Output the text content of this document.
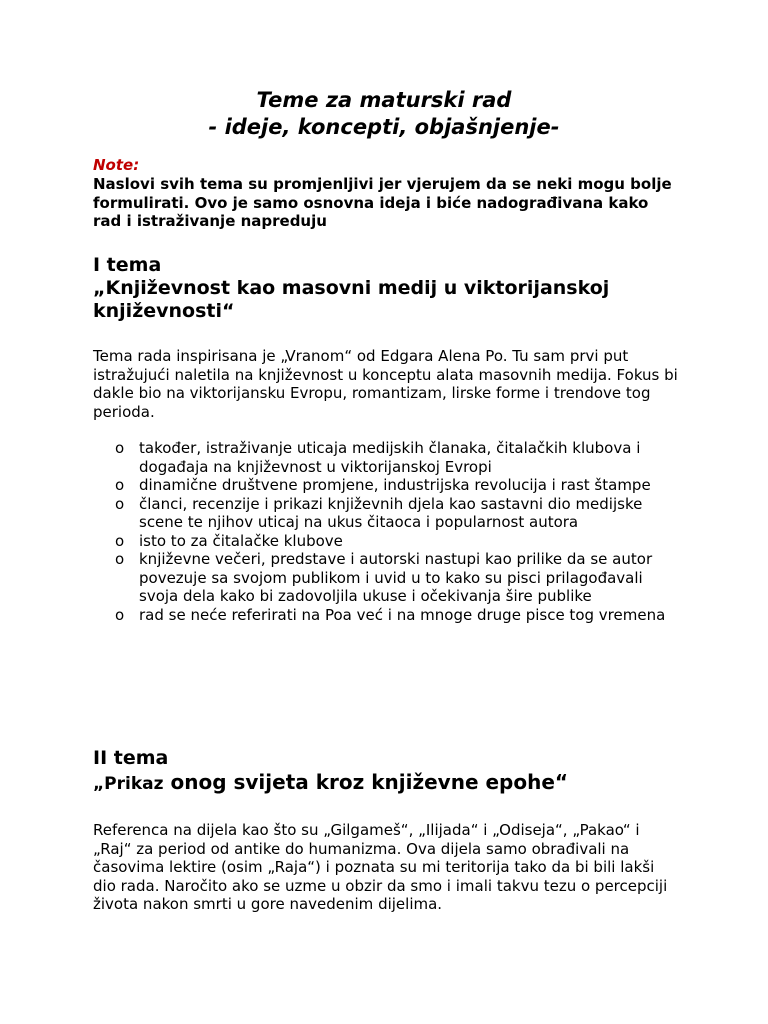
Teme za maturski rad
- ideje, koncepti, objašnjenje-
Note:
Naslovi svih tema su promjenljivi jer vjerujem da se neki mogu bolje formulirati. Ovo je samo osnovna ideja i biće nadograđivana kako rad i istraživanje napreduju
I tema
„Književnost kao masovni medij u viktorijanskoj književnosti“
Tema rada inspirisana je „Vranom“ od Edgara Alena Po. Tu sam prvi put istražujući naletila na književnost u konceptu alata masovnih medija. Fokus bi dakle bio na viktorijansku Evropu, romantizam, lirske forme i trendove tog perioda.
o također, istraživanje uticaja medijskih članaka, čitalačkih klubova i događaja na književnost u viktorijanskoj Evropi
o dinamične društvene promjene, industrijska revolucija i rast štampe
o članci, recenzije i prikazi književnih djela kao sastavni dio medijske scene te njihov uticaj na ukus čitaoca i popularnost autora
o isto to za čitalačke klubove
o književne večeri, predstave i autorski nastupi kao prilike da se autor povezuje sa svojom publikom i uvid u to kako su pisci prilagođavali svoja dela kako bi zadovoljila ukuse i očekivanja šire publike
o rad se neće referirati na Poa već i na mnoge druge pisce tog vremena
II tema
„Prikaz onog svijeta kroz književne epohe“
Referenca na dijela kao što su „Gilgameš“, „Ilijada“ i „Odiseja“, „Pakao“ i „Raj“ za period od antike do humanizma. Ova dijela samo obrađivali na časovima lektire (osim „Raja“) i poznata su mi teritorija tako da bi bili lakši dio rada. Naročito ako se uzme u obzir da smo i imali takvu tezu o percepciji života nakon smrti u gore navedenim dijelima.
